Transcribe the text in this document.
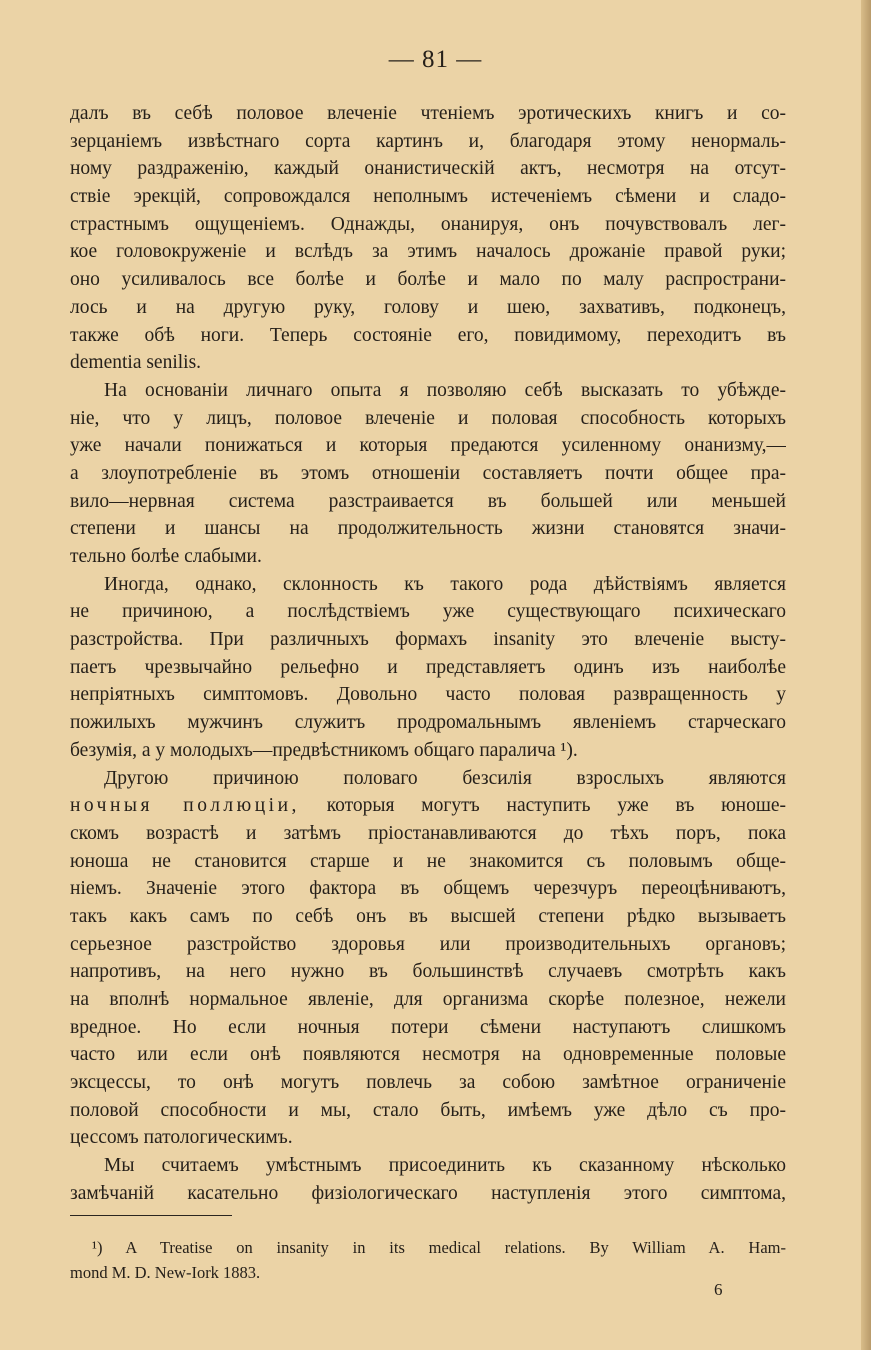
— 81 —
далъ въ себѣ половое влеченіе чтеніемъ эротическихъ книгъ и со-
зерцаніемъ извѣстнаго сорта картинъ и, благодаря этому ненормаль-
ному раздраженію, каждый онанистическій актъ, несмотря на отсут-
ствіе эрекцій, сопровождался неполнымъ истеченіемъ сѣмени и сладо-
страстнымъ ощущеніемъ. Однажды, онанируя, онъ почувствовалъ лег-
кое головокруженіе и вслѣдъ за этимъ началось дрожаніе правой руки;
оно усиливалось все болѣе и болѣе и мало по малу распространи-
лось и на другую руку, голову и шею, захвативъ, подконецъ,
также обѣ ноги. Теперь состояніе его, повидимому, переходитъ въ
dementia senilis.
На основаніи личнаго опыта я позволяю себѣ высказать то убѣжде-
ніе, что у лицъ, половое влеченіе и половая способность которыхъ
уже начали понижаться и которыя предаются усиленному онанизму,—
а злоупотребленіе въ этомъ отношеніи составляетъ почти общее пра-
вило—нервная система разстраивается въ большей или меньшей
степени и шансы на продолжительность жизни становятся значи-
тельно болѣе слабыми.
Иногда, однако, склонность къ такого рода дѣйствіямъ является
не причиною, а послѣдствіемъ уже существующаго психическаго
разстройства. При различныхъ формахъ insanity это влеченіе высту-
паетъ чрезвычайно рельефно и представляетъ одинъ изъ наиболѣе
непріятныхъ симптомовъ. Довольно часто половая развращенность у
пожилыхъ мужчинъ служитъ продромальнымъ явленіемъ старческаго
безумія, а у молодыхъ—предвѣстникомъ общаго паралича ¹).
Другою причиною половаго безсилія взрослыхъ являются
ночныя поллюціи, которыя могутъ наступить уже въ юноше-
скомъ возрастѣ и затѣмъ пріостанавливаются до тѣхъ поръ, пока
юноша не становится старше и не знакомится съ половымъ обще-
ніемъ. Значеніе этого фактора въ общемъ черезчуръ переоцѣниваютъ,
такъ какъ самъ по себѣ онъ въ высшей степени рѣдко вызываетъ
серьезное разстройство здоровья или производительныхъ органовъ;
напротивъ, на него нужно въ большинствѣ случаевъ смотрѣть какъ
на вполнѣ нормальное явленіе, для организма скорѣе полезное, нежели
вредное. Но если ночныя потери сѣмени наступаютъ слишкомъ
часто или если онѣ появляются несмотря на одновременные половые
эксцессы, то онѣ могутъ повлечь за собою замѣтное ограниченіе
половой способности и мы, стало быть, имѣемъ уже дѣло съ про-
цессомъ патологическимъ.
Мы считаемъ умѣстнымъ присоединить къ сказанному нѣсколько
замѣчаній касательно физіологическаго наступленія этого симптома,
¹) A Treatise on insanity in its medical relations. By William A. Ham-
mond M. D. New-Iork 1883.
6
